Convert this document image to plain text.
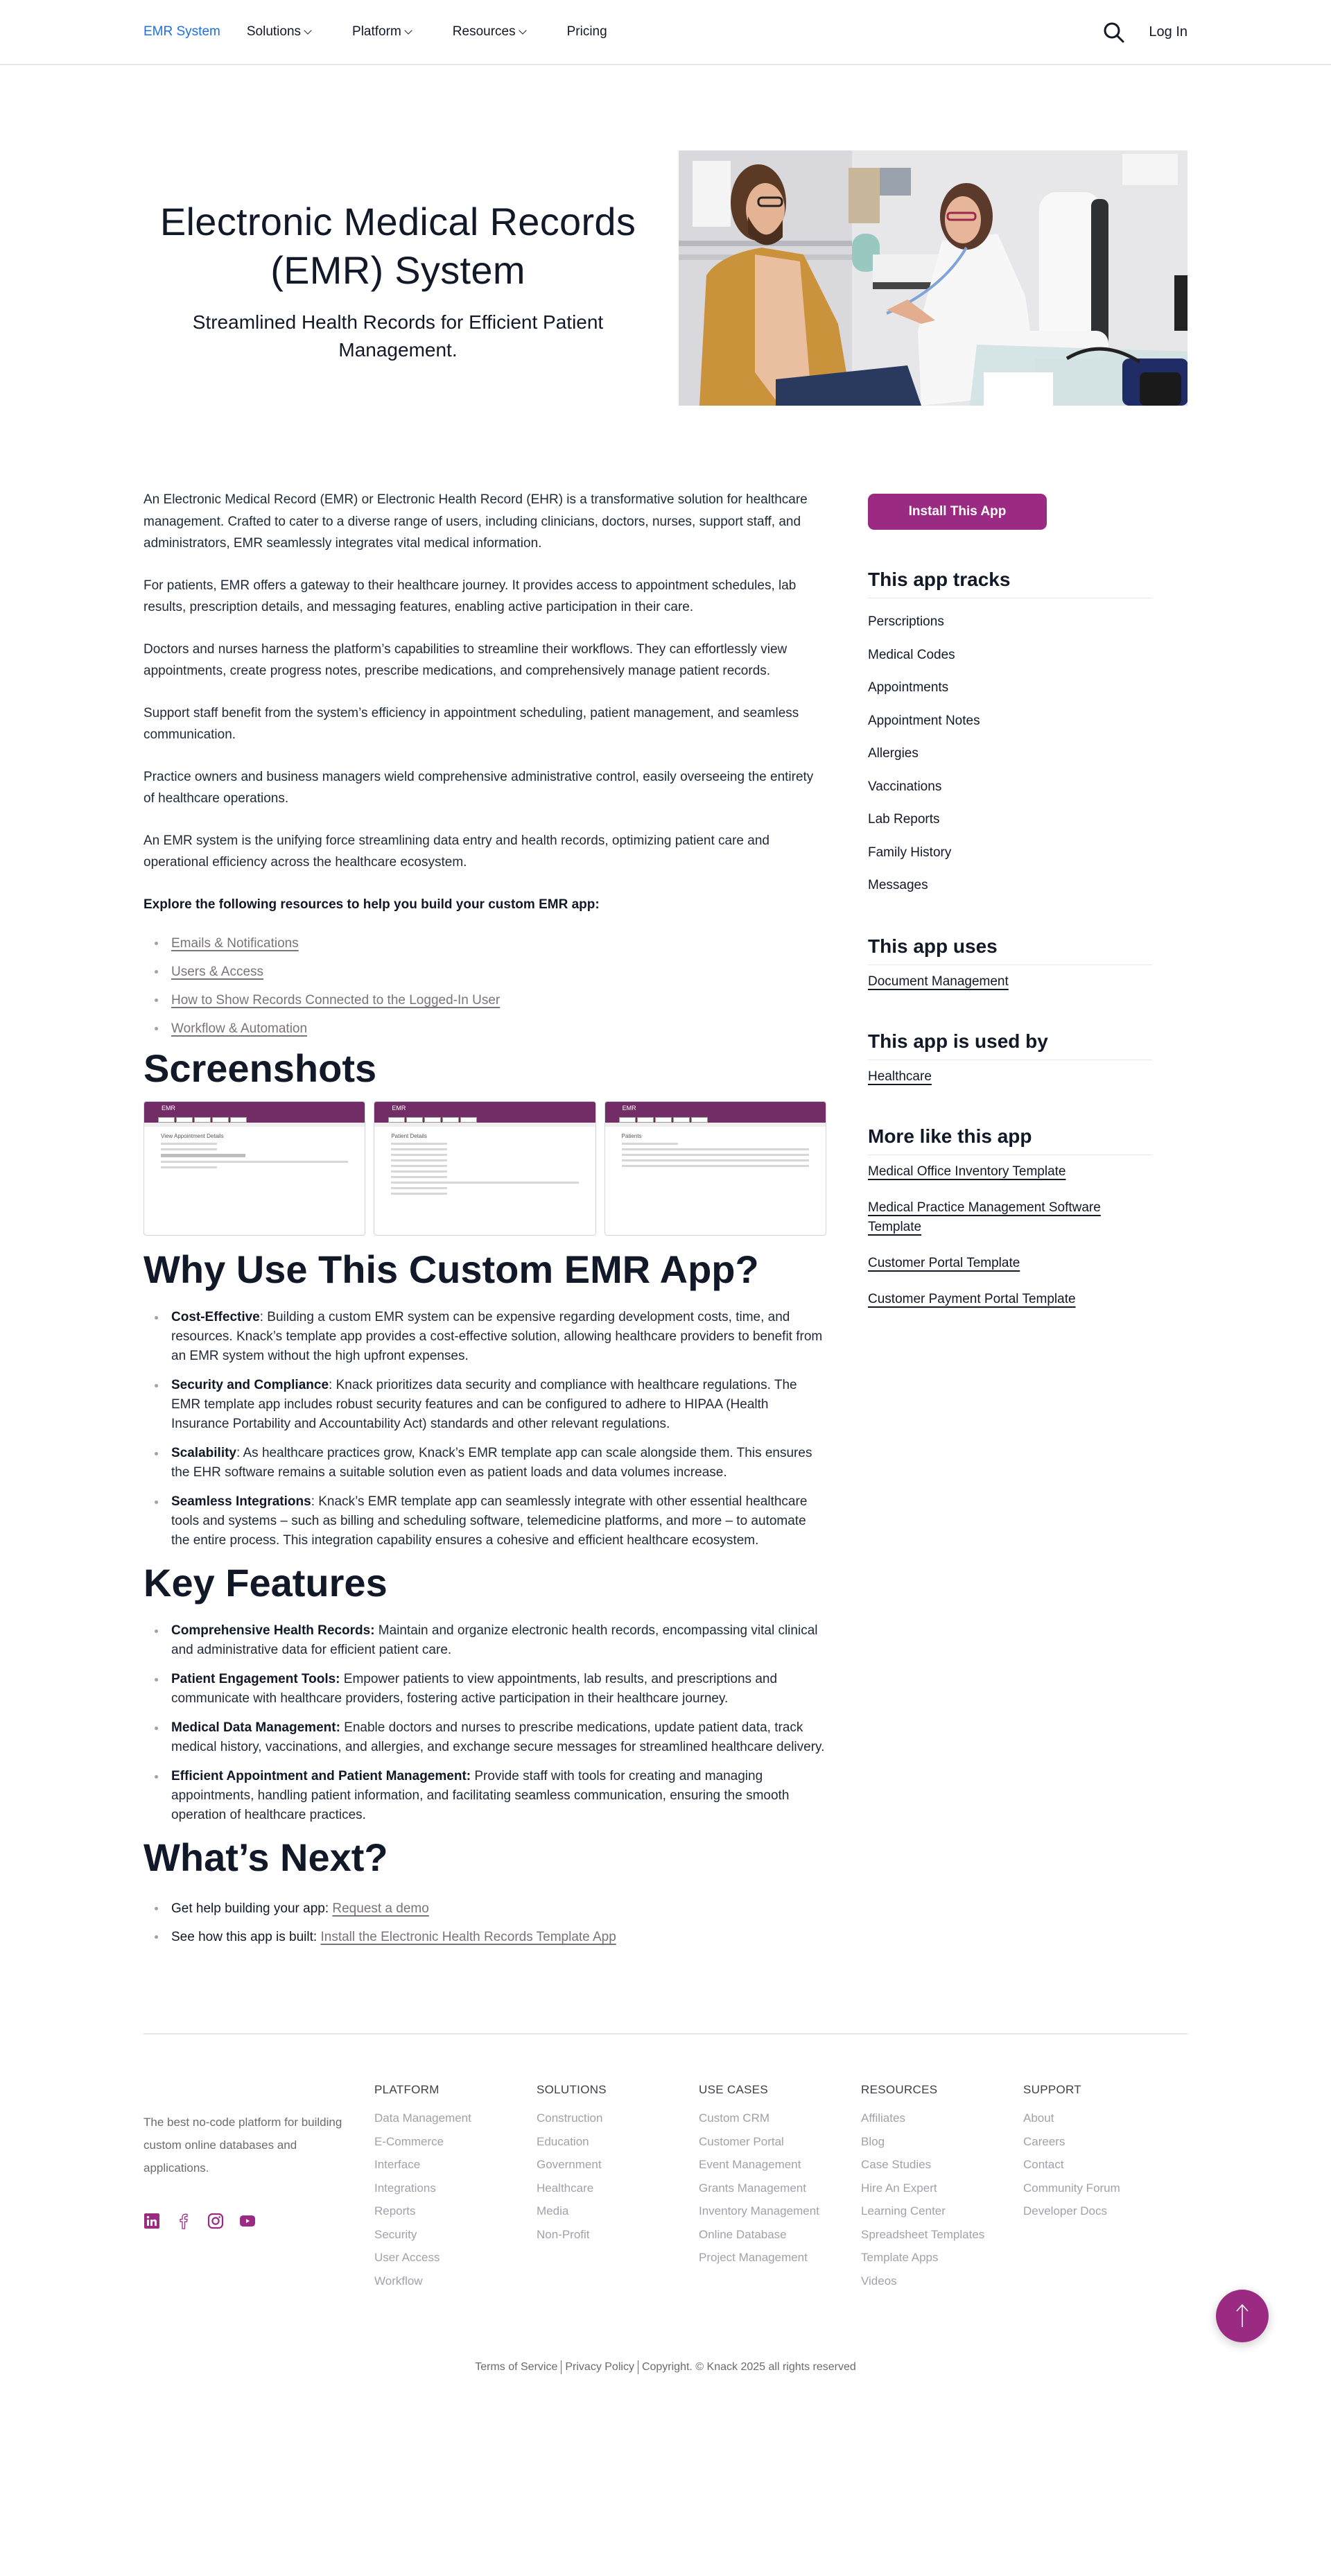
EMR System Solutions	Platform	Resources	Pricing	Log In
Electronic Medical Records (EMR) System

Streamlined Health Records for Efficient Patient Management.

An Electronic Medical Record (EMR) or Electronic Health Record (EHR) is a transformative solution for healthcare management. Crafted to cater to a diverse range of users, including clinicians, doctors, nurses, support staff, and administrators, EMR seamlessly integrates vital medical information.

For patients, EMR offers a gateway to their healthcare journey. It provides access to appointment schedules, lab results, prescription details, and messaging features, enabling active participation in their care.

Doctors and nurses harness the platform’s capabilities to streamline their workflows. They can effortlessly view appointments, create progress notes, prescribe medications, and comprehensively manage patient records.

Support staff benefit from the system’s efficiency in appointment scheduling, patient management, and seamless communication.

Practice owners and business managers wield comprehensive administrative control, easily overseeing the entirety of healthcare operations.

An EMR system is the unifying force streamlining data entry and health records, optimizing patient care and operational efficiency across the healthcare ecosystem.

Explore the following resources to help you build your custom EMR app:

Emails & Notifications
Users & Access
How to Show Records Connected to the Logged-In User
Workflow & Automation
Screenshots
EMR
View Appointment Details
EMR
Patient Details
EMR
Patients
Why Use This Custom EMR App?
Cost-Effective: Building a custom EMR system can be expensive regarding development costs, time, and resources. Knack’s template app provides a cost-effective solution, allowing healthcare providers to benefit from an EMR system without the high upfront expenses.
Security and Compliance: Knack prioritizes data security and compliance with healthcare regulations. The EMR template app includes robust security features and can be configured to adhere to HIPAA (Health Insurance Portability and Accountability Act) standards and other relevant regulations.
Scalability: As healthcare practices grow, Knack’s EMR template app can scale alongside them. This ensures the EHR software remains a suitable solution even as patient loads and data volumes increase.
Seamless Integrations: Knack’s EMR template app can seamlessly integrate with other essential healthcare tools and systems – such as billing and scheduling software, telemedicine platforms, and more – to automate the entire process. This integration capability ensures a cohesive and efficient healthcare ecosystem.
Key Features
Comprehensive Health Records: Maintain and organize electronic health records, encompassing vital clinical and administrative data for efficient patient care.
Patient Engagement Tools: Empower patients to view appointments, lab results, and prescriptions and communicate with healthcare providers, fostering active participation in their healthcare journey.
Medical Data Management: Enable doctors and nurses to prescribe medications, update patient data, track medical history, vaccinations, and allergies, and exchange secure messages for streamlined healthcare delivery.
Efficient Appointment and Patient Management: Provide staff with tools for creating and managing appointments, handling patient information, and facilitating seamless communication, ensuring the smooth operation of healthcare practices.
What’s Next?
Get help building your app: Request a demo
See how this app is built: Install the Electronic Health Records Template App
Install This App
This app tracks
Perscriptions
Medical Codes
Appointments
Appointment Notes
Allergies
Vaccinations
Lab Reports
Family History
Messages
This app uses
Document Management
This app is used by
Healthcare
More like this app
Medical Office Inventory Template
Medical Practice Management Software Template
Customer Portal Template
Customer Payment Portal Template

The best no-code platform for building custom online databases and applications.

PLATFORM
Data Management
E-Commerce
Interface
Integrations
Reports
Security
User Access
Workflow
SOLUTIONS
Construction
Education
Government
Healthcare
Media
Non-Profit
USE CASES
Custom CRM
Customer Portal
Event Management
Grants Management
Inventory Management
Online Database
Project Management
RESOURCES
Affiliates
Blog
Case Studies
Hire An Expert
Learning Center
Spreadsheet Templates
Template Apps
Videos
SUPPORT
About
Careers
Contact
Community Forum
Developer Docs
Terms of Service Privacy Policy Copyright. © Knack 2025 all rights reserved
